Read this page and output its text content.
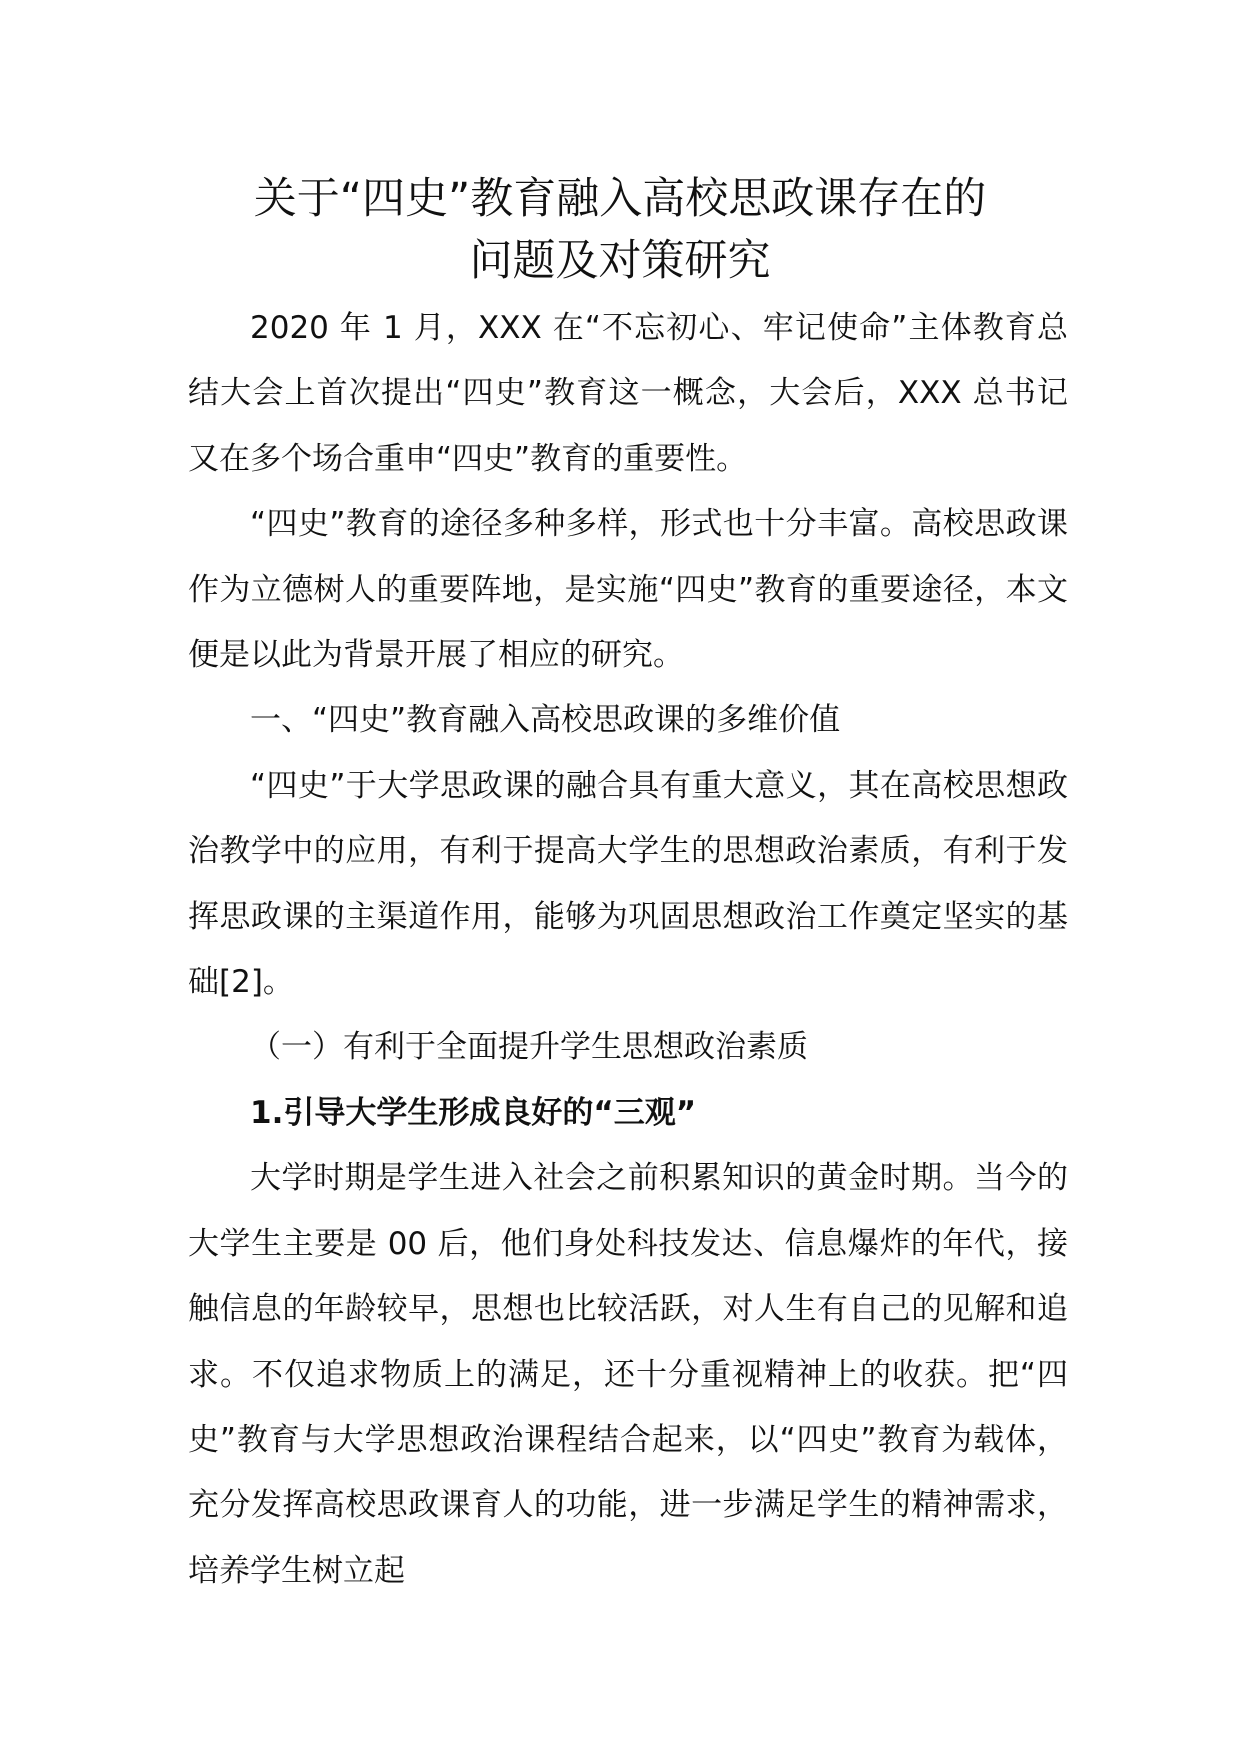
关于“四史”教育融入高校思政课存在的
问题及对策研究

2020 年 1 月，XXX 在“不忘初心、牢记使命”主体教育总结大会上首次提出“四史”教育这一概念，大会后，XXX 总书记又在多个场合重申“四史”教育的重要性。

“四史”教育的途径多种多样，形式也十分丰富。高校思政课作为立德树人的重要阵地，是实施“四史”教育的重要途径，本文便是以此为背景开展了相应的研究。

一、“四史”教育融入高校思政课的多维价值

“四史”于大学思政课的融合具有重大意义，其在高校思想政治教学中的应用，有利于提高大学生的思想政治素质，有利于发挥思政课的主渠道作用，能够为巩固思想政治工作奠定坚实的基础[2]。

（一）有利于全面提升学生思想政治素质

1.引导大学生形成良好的“三观”

大学时期是学生进入社会之前积累知识的黄金时期。当今的大学生主要是 00 后，他们身处科技发达、信息爆炸的年代，接触信息的年龄较早，思想也比较活跃，对人生有自己的见解和追求。不仅追求物质上的满足，还十分重视精神上的收获。把“四史”教育与大学思想政治课程结合起来，以“四史”教育为载体，充分发挥高校思政课育人的功能，进一步满足学生的精神需求，培养学生树立起
